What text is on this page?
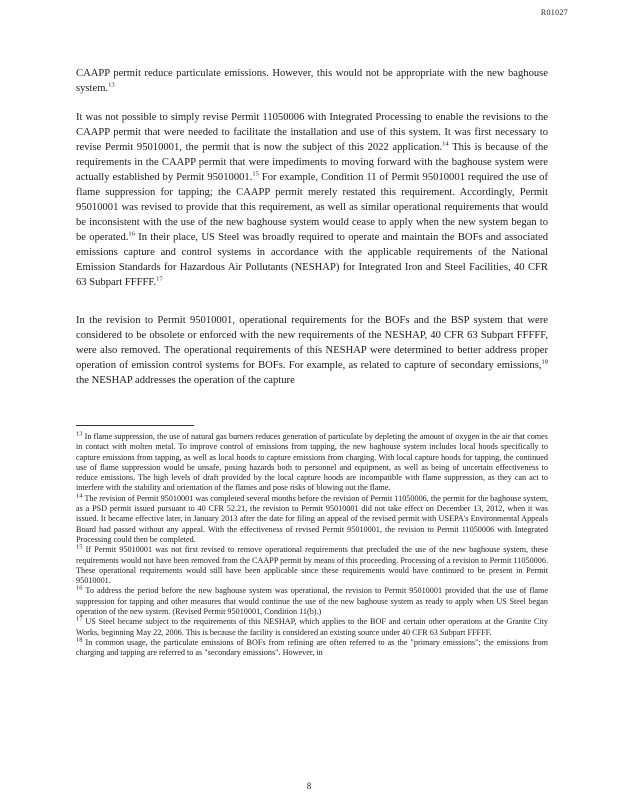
R01027
CAAPP permit reduce particulate emissions. However, this would not be appropriate with the new baghouse system.$^{13}$
It was not possible to simply revise Permit 11050006 with Integrated Processing to enable the revisions to the CAAPP permit that were needed to facilitate the installation and use of this system. It was first necessary to revise Permit 95010001, the permit that is now the subject of this 2022 application.$^{14}$ This is because of the requirements in the CAAPP permit that were impediments to moving forward with the baghouse system were actually established by Permit 95010001.15 For example, Condition 11 of Permit 95010001 required the use of flame suppression for tapping; the CAAPP permit merely restated this requirement. Accordingly, Permit 95010001 was revised to provide that this requirement, as well as similar operational requirements that would be inconsistent with the use of the new baghouse system would cease to apply when the new system began to be operated.$^{16}$ In their place, US Steel was broadly required to operate and maintain the BOFs and associated emissions capture and control systems in accordance with the applicable requirements of the National Emission Standards for Hazardous Air Pollutants (NESHAP) for Integrated Iron and Steel Facilities, 40 CFR 63 Subpart FFFFF.$^{17}$
In the revision to Permit 95010001, operational requirements for the BOFs and the BSP system that were considered to be obsolete or enforced with the new requirements of the NESHAP, 40 CFR 63 Subpart FFFFF, were also removed. The operational requirements of this NESHAP were determined to better address proper operation of emission control systems for BOFs. For example, as related to capture of secondary emissions,$^{18}$ the NESHAP addresses the operation of the capture

$^{13}$ In flame suppression, the use of natural gas burners reduces generation of particulate by depleting the amount of oxygen in the air that comes in contact with molten metal. To improve control of emissions from tapping, the new baghouse system includes local hoods specifically to capture emissions from tapping, as well as local hoods to capture emissions from charging. With local capture hoods for tapping, the continued use of flame suppression would be unsafe, posing hazards both to personnel and equipment, as well as being of uncertain effectiveness to reduce emissions. The high levels of draft provided by the local capture hoods are incompatible with flame suppression, as they can act to interfere with the stability and orientation of the flames and pose risks of blowing out the flame.

$^{14}$ The revision of Permit 95010001 was completed several months before the revision of Permit 11050006, the permit for the baghouse system, as a PSD permit issued pursuant to 40 CFR 52.21, the revision to Permit 95010001 did not take effect on December 13, 2012, when it was issued. It became effective later, in January 2013 after the date for filing an appeal of the revised permit with USEPA's Environmental Appeals Board had passed without any appeal. With the effectiveness of revised Permit 95010001, the revision to Permit 11050006 with Integrated Processing could then be completed.

$^{15}$ If Permit 95010001 was not first revised to remove operational requirements that precluded the use of the new baghouse system, these requirements would not have been removed from the CAAPP permit by means of this proceeding. Processing of a revision to Permit 11050006. These operational requirements would still have been applicable since these requirements would have continued to be present in Permit 95010001.

$^{16}$ To address the period before the new baghouse system was operational, the revision to Permit 95010001 provided that the use of flame suppression for tapping and other measures that would continue the use of the new baghouse system as ready to apply when US Steel began operation of the new system. (Revised Permit 95010001, Condition 11(b).)

$^{17}$ US Steel became subject to the requirements of this NESHAP, which applies to the BOF and certain other operations at the Granite City Works, beginning May 22, 2006. This is because the facility is considered an existing source under 40 CFR 63 Subpart FFFFF.

$^{18}$ In common usage, the particulate emissions of BOFs from refining are often referred to as the "primary emissions"; the emissions from charging and tapping are referred to as "secondary emissions". However, in

8
